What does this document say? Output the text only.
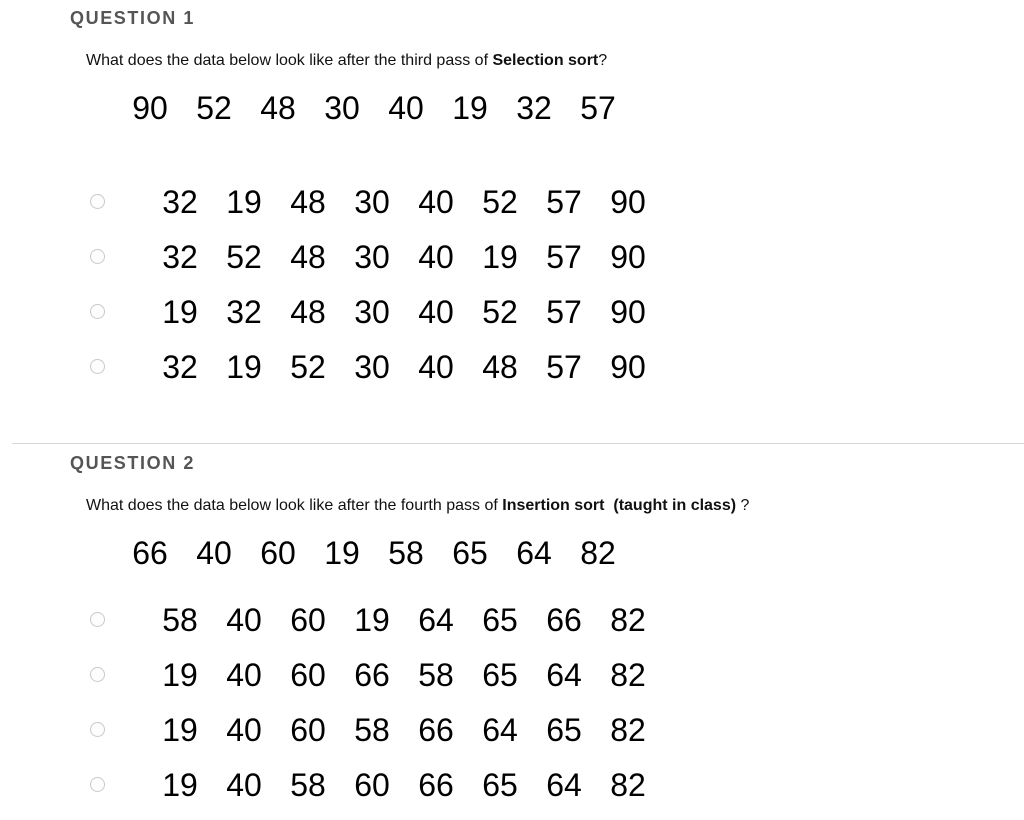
QUESTION 1
What does the data below look like after the third pass of Selection sort?
90 52 48 30 40 19 32 57
32 19 48 30 40 52 57 90
32 52 48 30 40 19 57 90
19 32 48 30 40 52 57 90
32 19 52 30 40 48 57 90
QUESTION 2
What does the data below look like after the fourth pass of Insertion sort (taught in class) ?
66 40 60 19 58 65 64 82
58 40 60 19 64 65 66 82
19 40 60 66 58 65 64 82
19 40 60 58 66 64 65 82
19 40 58 60 66 65 64 82
